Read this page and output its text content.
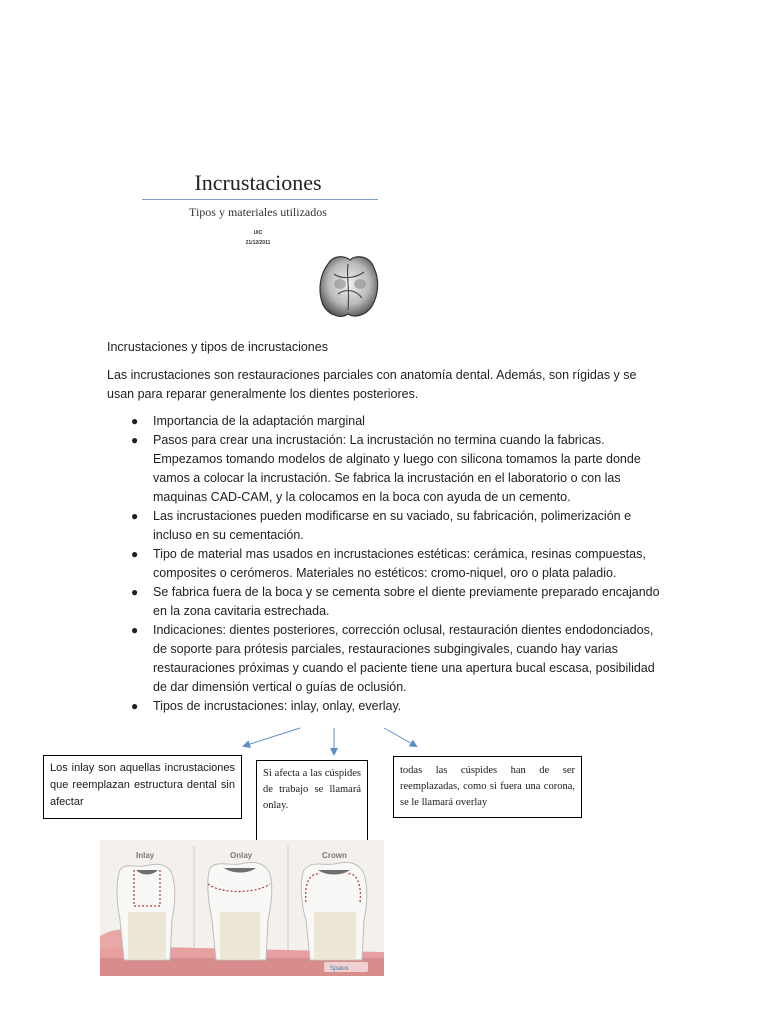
Incrustaciones
Tipos y materiales utilizados
UIC
21/12/2011
Incrustaciones y tipos de incrustaciones
Las incrustaciones son restauraciones parciales con anatomía dental. Además, son rígidas y se usan para reparar generalmente los dientes posteriores.
● Importancia de la adaptación marginal
● Pasos para crear una incrustación: La incrustación no termina cuando la fabricas. Empezamos tomando modelos de alginato y luego con silicona tomamos la parte donde vamos a colocar la incrustación. Se fabrica la incrustación en el laboratorio o con las maquinas CAD-CAM, y la colocamos en la boca con ayuda de un cemento.
● Las incrustaciones pueden modificarse en su vaciado, su fabricación, polimerización e incluso en su cementación.
● Tipo de material mas usados en incrustaciones estéticas: cerámica, resinas compuestas, composites o cerómeros. Materiales no estéticos: cromo-niquel, oro o plata paladio.
● Se fabrica fuera de la boca y se cementa sobre el diente previamente preparado encajando en la zona cavitaria estrechada.
● Indicaciones: dientes posteriores, corrección oclusal, restauración dientes endodonciados, de soporte para prótesis parciales, restauraciones subgingivales, cuando hay varias restauraciones próximas y cuando el paciente tiene una apertura bucal escasa, posibilidad de dar dimensión vertical o guías de oclusión.
● Tipos de incrustaciones: inlay, onlay, everlay.
Los inlay son aquellas incrustaciones que reemplazan estructura dental sin afectar
Si afecta a las cúspides de trabajo se llamará onlay.
todas las cúspides han de ser reemplazadas, como si fuera una corona, se le llamará overlay
Inlay	Onlay	Crown
Spatus
